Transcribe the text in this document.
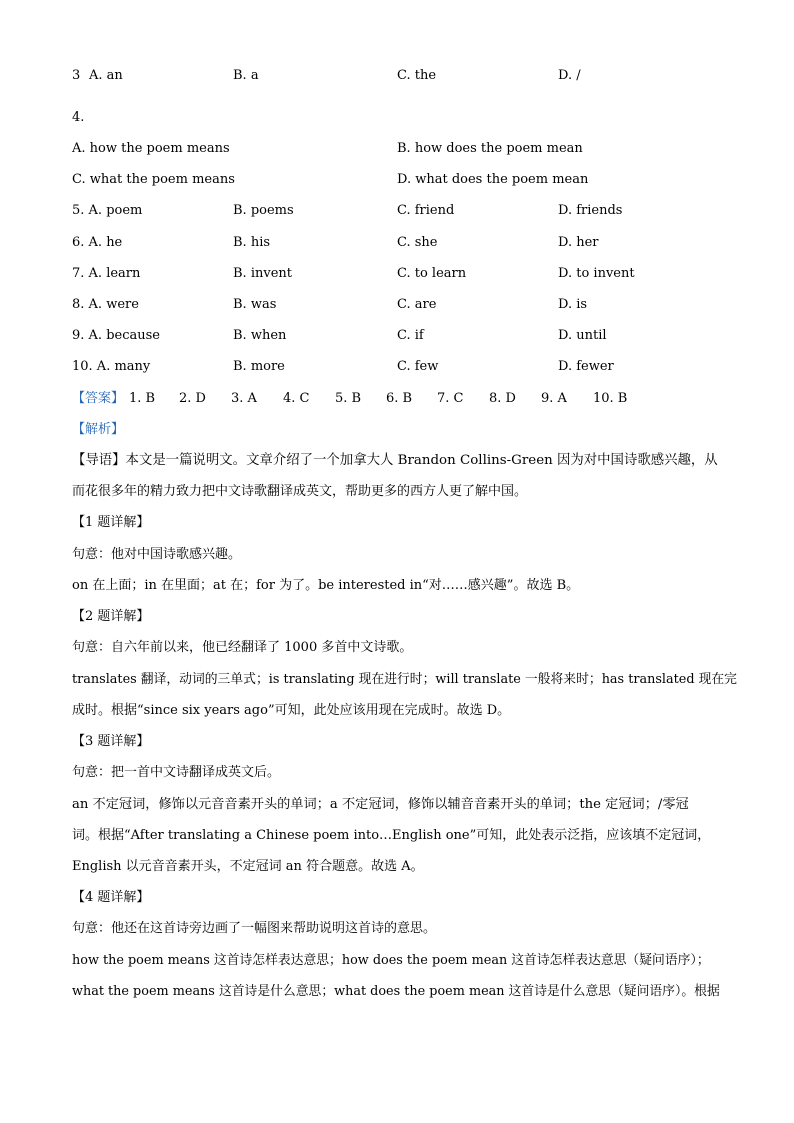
3 A. an	B. a	C. the	D. /
4.
A. how the poem means	B. how does the poem mean
C. what the poem means	D. what does the poem mean
5. A. poem	B. poems	C. friend	D. friends
6. A. he	B. his	C. she	D. her
7. A. learn	B. invent	C. to learn	D. to invent
8. A. were	B. was	C. are	D. is
9. A. because	B. when	C. if	D. until
10. A. many	B. more	C. few	D. fewer
【答案】 1. B 2. D 3. A 4. C 5. B 6. B 7. C 8. D 9. A 10. B
【解析】
【导语】本文是一篇说明文。文章介绍了一个加拿大人 Brandon Collins-Green 因为对中国诗歌感兴趣，从
而花很多年的精力致力把中文诗歌翻译成英文，帮助更多的西方人更了解中国。
【1 题详解】
句意：他对中国诗歌感兴趣。
on 在上面；in 在里面；at 在；for 为了。be interested in“对……感兴趣”。故选 B。
【2 题详解】
句意：自六年前以来，他已经翻译了 1000 多首中文诗歌。
translates 翻译，动词的三单式；is translating 现在进行时；will translate 一般将来时；has translated 现在完
成时。根据“since six years ago”可知，此处应该用现在完成时。故选 D。
【3 题详解】
句意：把一首中文诗翻译成英文后。
an 不定冠词，修饰以元音音素开头的单词；a 不定冠词，修饰以辅音音素开头的单词；the 定冠词；/零冠
词。根据“After translating a Chinese poem into…English one”可知，此处表示泛指，应该填不定冠词，
English 以元音音素开头，不定冠词 an 符合题意。故选 A。
【4 题详解】
句意：他还在这首诗旁边画了一幅图来帮助说明这首诗的意思。
how the poem means 这首诗怎样表达意思；how does the poem mean 这首诗怎样表达意思（疑问语序）；
what the poem means 这首诗是什么意思；what does the poem mean 这首诗是什么意思（疑问语序）。根据
